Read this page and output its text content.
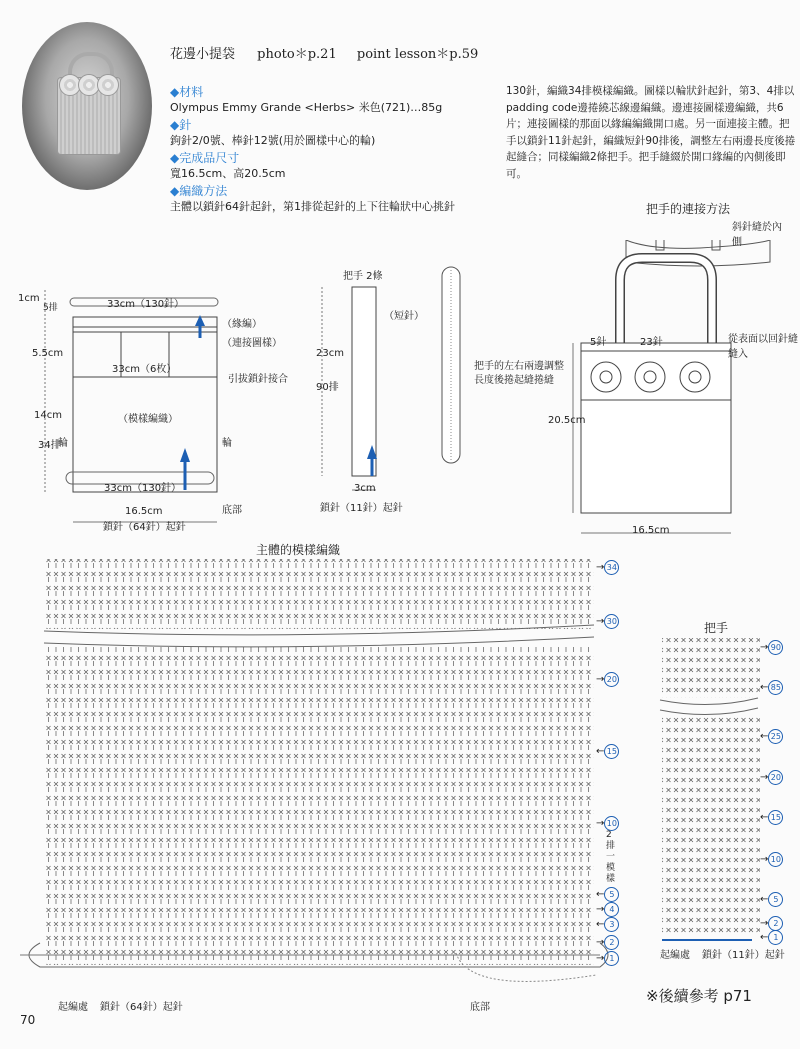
花邊小提袋 photo＊p.21 point lesson＊p.59
◆材料
Olympus Emmy Grande <Herbs> 米色(721)…85g
◆針
鉤針2/0號、棒針12號(用於圖樣中心的輪)
◆完成品尺寸
寬16.5cm、高20.5cm
◆編織方法
主體以鎖針64針起針，第1排從起針的上下往輪狀中心挑針
130針，編織34排模樣編織。圖樣以輪狀針起針，第3、4排以padding code邊捲繞芯線邊編織。邊連接圖樣邊編織，共6片；連接圖樣的那面以緣編編織開口處。另一面連接主體。把手以鎖針11針起針，編織短針90排後，調整左右兩邊長度後捲起縫合；同樣編織2條把手。把手縫綴於開口緣編的內側後即可。
33cm（130針）
（緣編）
（連接圖樣）
33cm（6枚）
引拔鎖針接合
（模樣編織）
輪	輪
33cm（130針）
底部
16.5cm
鎖針（64針）起針
1cm
5排
5.5cm
14cm
34排
把手 2條
（短針）
23cm
90排
3cm
鎖針（11針）起針
把手的左右兩邊調整長度後捲起縫捲縫
把手的連接方法
斜針縫於內側
從表面以回針縫縫入
5針	23針
20.5cm
16.5cm
主體的模樣編織
→ 34
→ 30
→ 20
← 15
→ 10
← 5
→ 4
← 3
→ 2
→ 1
2排一模樣
起編處 鎖針（64針）起針	底部
把手
→ 90
← 85
← 25
→ 20
← 15
→ 10
← 5
→ 2
← 1
起編處 鎖針（11針）起針
70
※後續參考 p71
